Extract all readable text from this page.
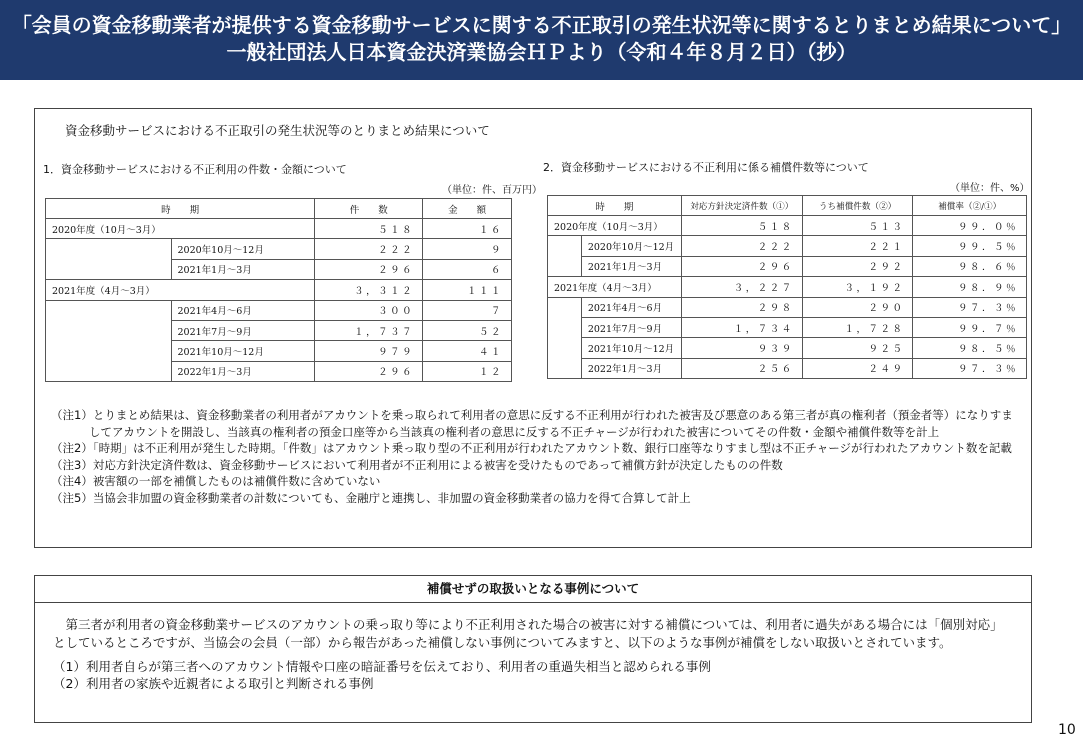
「会員の資金移動業者が提供する資金移動サービスに関する不正取引の発生状況等に関するとりまとめ結果について」
一般社団法人日本資金決済業協会ＨＰより（令和４年８月２日）（抄）
資金移動サービスにおける不正取引の発生状況等のとりまとめ結果について
1．資金移動サービスにおける不正利用の件数・金額について
（単位：件、百万円）
時　　期		件　　数	金　　額
2020年度（10月～3月）		５１８	１６
	2020年10月～12月	２２２	９
	2021年1月～3月	２９６	６
2021年度（4月～3月）		３，３１２	１１１
	2021年4月～6月	３００	７
	2021年7月～9月	１，７３７	５２
	2021年10月～12月	９７９	４１
	2022年1月～3月	２９６	１２
2．資金移動サービスにおける不正利用に係る補償件数等について
（単位：件、%）
時　　期		対応方針決定済件数（①）	うち補償件数（②）	補償率（②/①）
2020年度（10月～3月）		５１８	５１３	９９．０％
	2020年10月～12月	２２２	２２１	９９．５％
	2021年1月～3月	２９６	２９２	９８．６％
2021年度（4月～3月）		３，２２７	３，１９２	９８．９％
	2021年4月～6月	２９８	２９０	９７．３％
	2021年7月～9月	１，７３４	１，７２８	９９．７％
	2021年10月～12月	９３９	９２５	９８．５％
	2022年1月～3月	２５６	２４９	９７．３％
（注1）とりまとめ結果は、資金移動業者の利用者がアカウントを乗っ取られて利用者の意思に反する不正利用が行われた被害及び悪意のある第三者が真の権利者（預金者等）になりすましてアカウントを開設し、当該真の権利者の預金口座等から当該真の権利者の意思に反する不正チャージが行われた被害についてその件数・金額や補償件数等を計上
（注2）「時期」は不正利用が発生した時期。「件数」はアカウント乗っ取り型の不正利用が行われたアカウント数、銀行口座等なりすまし型は不正チャージが行われたアカウント数を記載
（注3）対応方針決定済件数は、資金移動サービスにおいて利用者が不正利用による被害を受けたものであって補償方針が決定したものの件数
（注4）被害額の一部を補償したものは補償件数に含めていない
（注5）当協会非加盟の資金移動業者の計数についても、金融庁と連携し、非加盟の資金移動業者の協力を得て合算して計上
補償せずの取扱いとなる事例について

第三者が利用者の資金移動業サービスのアカウントの乗っ取り等により不正利用された場合の被害に対する補償については、利用者に過失がある場合には「個別対応」としているところですが、当協会の会員（一部）から報告があった補償しない事例についてみますと、以下のような事例が補償をしない取扱いとされています。

（1）利用者自らが第三者へのアカウント情報や口座の暗証番号を伝えており、利用者の重過失相当と認められる事例
（2）利用者の家族や近親者による取引と判断される事例
10
